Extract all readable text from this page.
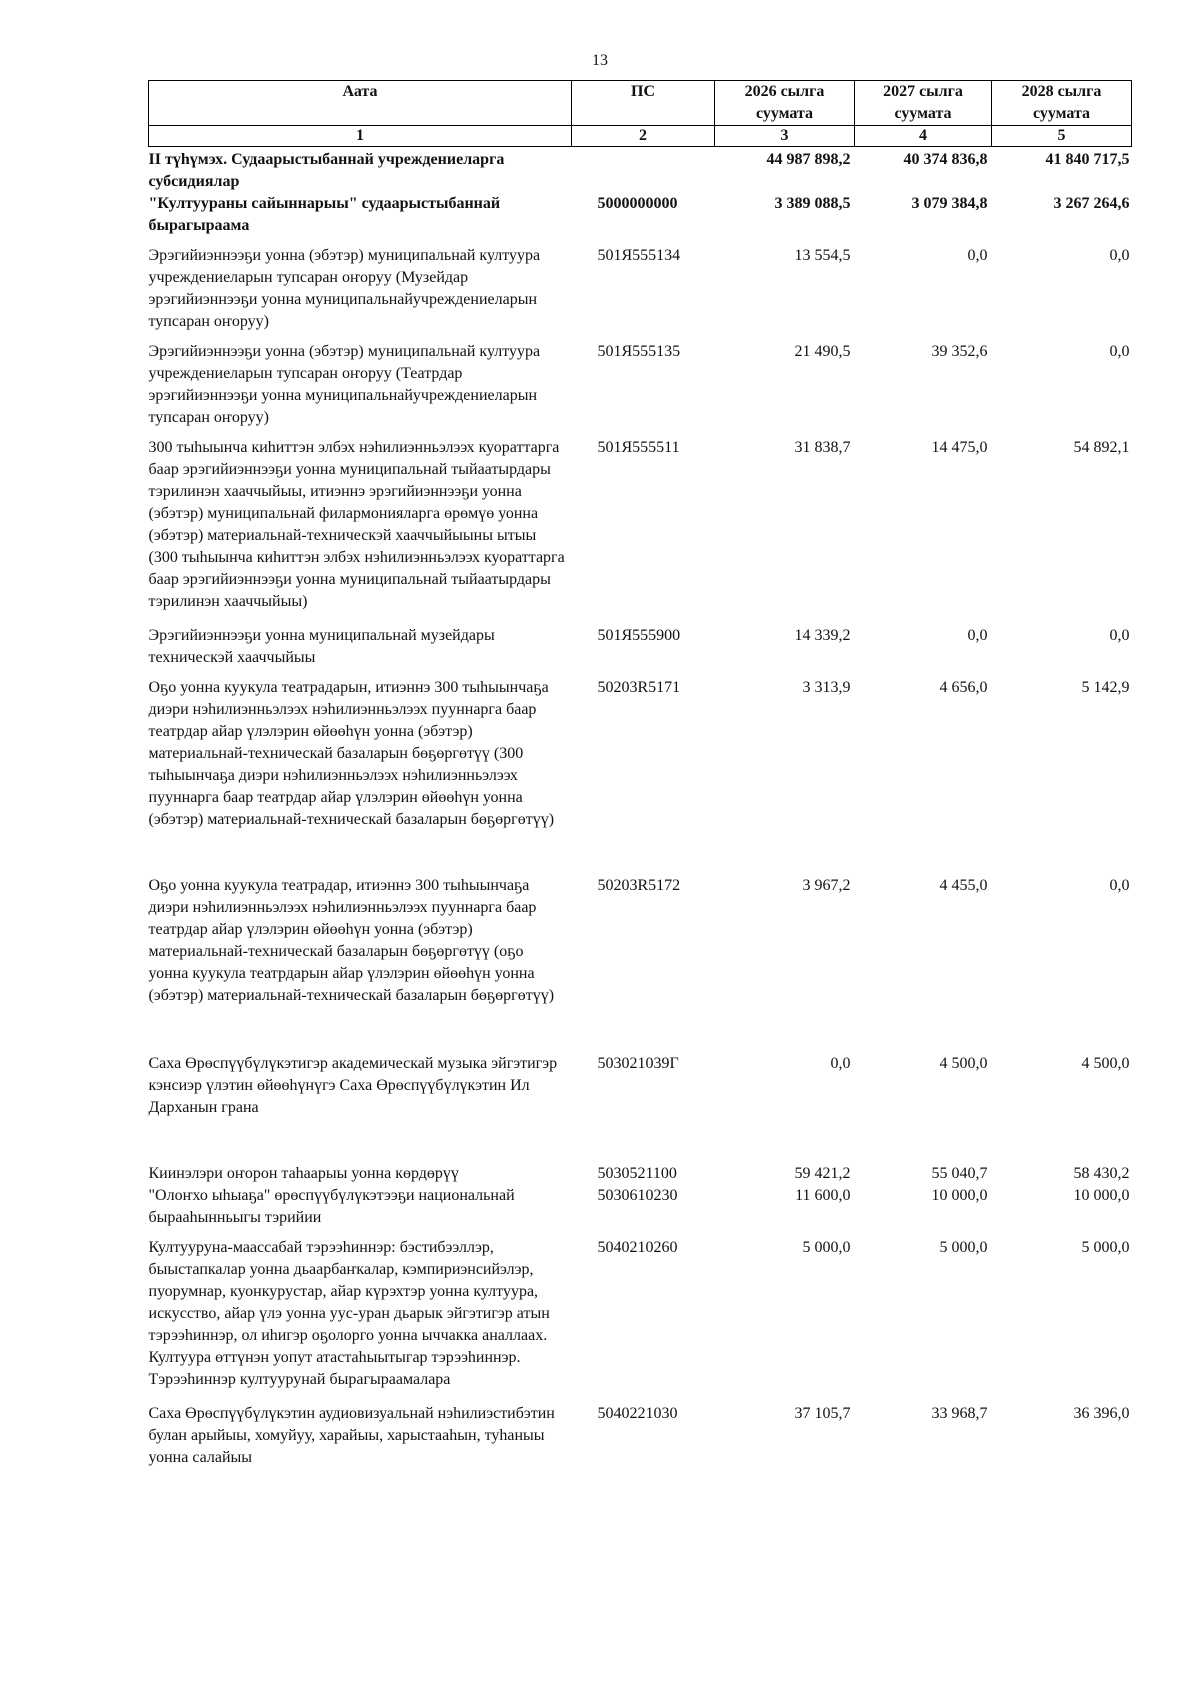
13
Аата	ПС	2026 сылга суумата	2027 сылга суумата	2028 сылга суумата
1	2	3	4	5
II түһүмэх. Судаарыстыбаннай учреждениеларга субсидиялар		44 987 898,2	40 374 836,8	41 840 717,5
"Култуураны сайыннарыы" судаарыстыбаннай бырагыраама	5000000000	3 389 088,5	3 079 384,8	3 267 264,6
Эрэгийиэннээҕи уонна (эбэтэр) муниципальнай култуура учреждениеларын тупсаран оҥоруу (Музейдар эрэгийиэннээҕи уонна муниципальнайучреждениеларын тупсаран оҥоруу)	501Я555134	13 554,5	0,0	0,0
Эрэгийиэннээҕи уонна (эбэтэр) муниципальнай култуура учреждениеларын тупсаран оҥоруу (Театрдар эрэгийиэннээҕи уонна муниципальнайучреждениеларын тупсаран оҥоруу)	501Я555135	21 490,5	39 352,6	0,0
300 тыһыынча киһиттэн элбэх нэһилиэнньэлээх куораттарга баар эрэгийиэннээҕи уонна муниципальнай тыйаатырдары тэрилинэн хааччыйыы, итиэннэ эрэгийиэннээҕи уонна (эбэтэр) муниципальнай филармонияларга өрөмүө уонна (эбэтэр) материальнай-техническэй хааччыйыыны ытыы (300 тыһыынча киһиттэн элбэх нэһилиэнньэлээх куораттарга баар эрэгийиэннээҕи уонна муниципальнай тыйаатырдары тэрилинэн хааччыйыы)	501Я555511	31 838,7	14 475,0	54 892,1
Эрэгийиэннээҕи уонна муниципальнай музейдары техническэй хааччыйыы	501Я555900	14 339,2	0,0	0,0
Оҕо уонна куукула театрадарын, итиэннэ 300 тыһыынчаҕа диэри нэһилиэнньэлээх нэһилиэнньэлээх пууннарга баар театрдар айар үлэлэрин өйөөһүн уонна (эбэтэр) материальнай-техническай базаларын бөҕөргөтүү (300 тыһыынчаҕа диэри нэһилиэнньэлээх нэһилиэнньэлээх пууннарга баар театрдар айар үлэлэрин өйөөһүн уонна (эбэтэр) материальнай-техническай базаларын бөҕөргөтүү)	50203R5171	3 313,9	4 656,0	5 142,9
Оҕо уонна куукула театрадар, итиэннэ 300 тыһыынчаҕа диэри нэһилиэнньэлээх нэһилиэнньэлээх пууннарга баар театрдар айар үлэлэрин өйөөһүн уонна (эбэтэр) материальнай-техническай базаларын бөҕөргөтүү (оҕо уонна куукула театрдарын айар үлэлэрин өйөөһүн уонна (эбэтэр) материальнай-техническай базаларын бөҕөргөтүү)	50203R5172	3 967,2	4 455,0	0,0
Саха Өрөспүүбүлүкэтигэр академическай музыка эйгэтигэр кэнсиэр үлэтин өйөөһүнүгэ Саха Өрөспүүбүлүкэтин Ил Дарханын грана	503021039Г	0,0	4 500,0	4 500,0
Киинэлэри оҥорон таһаарыы уонна көрдөрүү	5030521100	59 421,2	55 040,7	58 430,2
"Олоҥхо ыһыаҕа" өрөспүүбүлүкэтээҕи национальнай бырааһынньыгы тэрийии	5030610230	11 600,0	10 000,0	10 000,0
Култууруна-маассабай тэрээһиннэр: бэстибээллэр, быыстапкалар уонна дьаарбаҥкалар, кэмпириэнсийэлэр, пуорумнар, куонкурустар, айар күрэхтэр уонна култуура, искусство, айар үлэ уонна уус-уран дьарык эйгэтигэр атын тэрээһиннэр, ол иһигэр оҕолорго уонна ыччакка аналлаах. Култуура өттүнэн уопут атастаһыытыгар тэрээһиннэр. Тэрээһиннэр култуурунай бырагыраамалара	5040210260	5 000,0	5 000,0	5 000,0
Саха Өрөспүүбүлүкэтин аудиовизуальнай нэһилиэстибэтин булан арыйыы, хомуйуу, харайыы, харыстааһын, туһаныы уонна салайыы	5040221030	37 105,7	33 968,7	36 396,0
